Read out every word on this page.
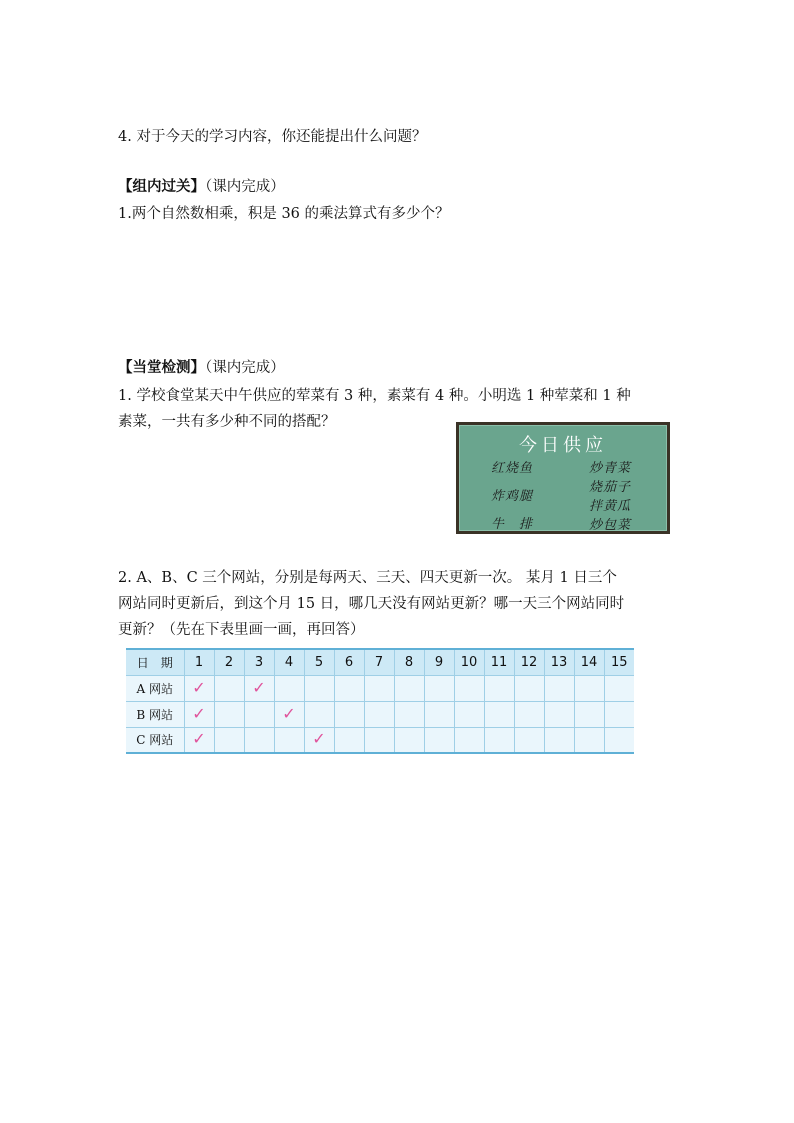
4. 对于今天的学习内容，你还能提出什么问题？
【组内过关】（课内完成）
1.两个自然数相乘，积是 36 的乘法算式有多少个？
【当堂检测】（课内完成）
1. 学校食堂某天中午供应的荤菜有 3 种，素菜有 4 种。小明选 1 种荤菜和 1 种
素菜，一共有多少种不同的搭配？
今日供应
红烧鱼
炸鸡腿
牛　排
炒青菜
烧茄子
拌黄瓜
炒包菜
2. A、B、C 三个网站，分别是每两天、三天、四天更新一次。 某月 1 日三个
网站同时更新后，到这个月 15 日，哪几天没有网站更新？哪一天三个网站同时
更新？（先在下表里画一画，再回答）
日　期	1	2	3	4	5	6	7	8	9	10	11	12	13	14	15
A 网站	✓		✓												
B 网站	✓			✓											
C 网站	✓				✓										
